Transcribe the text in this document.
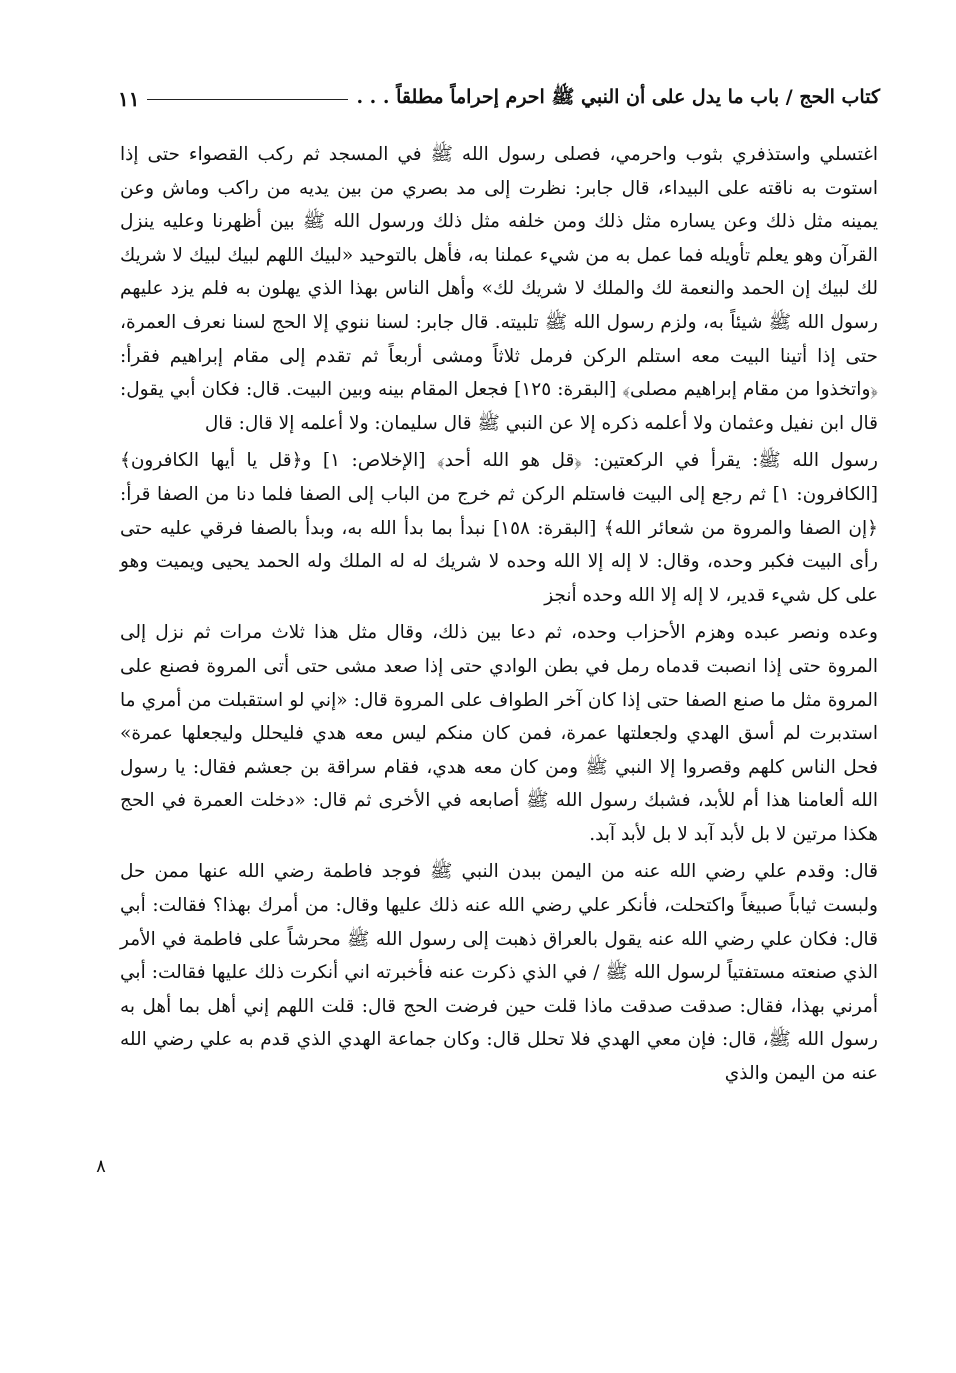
كتاب الحج / باب ما يدل على أن النبي ﷺ احرم إحراماً مطلقاً . . .
١١

اغتسلي واستذفري بثوب واحرمي، فصلى رسول الله ﷺ في المسجد ثم ركب القصواء حتى إذا استوت به ناقته على البيداء، قال جابر: نظرت إلى مد بصري من بين يديه من راكب وماش وعن يمينه مثل ذلك وعن يساره مثل ذلك ومن خلفه مثل ذلك ورسول الله ﷺ بين أظهرنا وعليه ينزل القرآن وهو يعلم تأويله فما عمل به من شيء عملنا به، فأهل بالتوحيد «لبيك اللهم لبيك لبيك لا شريك لك لبيك إن الحمد والنعمة لك والملك لا شريك لك» وأهل الناس بهذا الذي يهلون به فلم يزد عليهم رسول الله ﷺ شيئاً به، ولزم رسول الله ﷺ تلبيته. قال جابر: لسنا ننوي إلا الحج لسنا نعرف العمرة، حتى إذا أتينا البيت معه استلم الركن فرمل ثلاثاً ومشى أربعاً ثم تقدم إلى مقام إبراهيم فقرأ: ﴿واتخذوا من مقام إبراهيم مصلى﴾ [البقرة: ١٢٥] فجعل المقام بينه وبين البيت. قال: فكان أبي يقول: قال ابن نفيل وعثمان ولا أعلمه ذكره إلا عن النبي ﷺ قال سليمان: ولا أعلمه إلا قال: قال

رسول الله ﷺ: يقرأ في الركعتين: ﴿قل هو الله أحد﴾ [الإخلاص: ١] و﴿قل يا أيها الكافرون﴾ [الكافرون: ١] ثم رجع إلى البيت فاستلم الركن ثم خرج من الباب إلى الصفا فلما دنا من الصفا قرأ: ﴿إن الصفا والمروة من شعائر الله﴾ [البقرة: ١٥٨] نبدأ بما بدأ الله به، وبدأ بالصفا فرقي عليه حتى رأى البيت فكبر وحده، وقال: لا إله إلا الله وحده لا شريك له له الملك وله الحمد يحيى ويميت وهو على كل شيء قدير، لا إله إلا الله وحده أنجز

وعده ونصر عبده وهزم الأحزاب وحده، ثم دعا بين ذلك، وقال مثل هذا ثلاث مرات ثم نزل إلى المروة حتى إذا انصبت قدماه رمل في بطن الوادي حتى إذا صعد مشى حتى أتى المروة فصنع على المروة مثل ما صنع الصفا حتى إذا كان آخر الطواف على المروة قال: «إني لو استقبلت من أمري ما استدبرت لم أسق الهدي ولجعلتها عمرة، فمن كان منكم ليس معه هدي فليحلل وليجعلها عمرة» فحل الناس كلهم وقصروا إلا النبي ﷺ ومن كان معه هدي، فقام سراقة بن جعشم فقال: يا رسول الله ألعامنا هذا أم للأبد، فشبك رسول الله ﷺ أصابعه في الأخرى ثم قال: «دخلت العمرة في الحج هكذا مرتين لا بل لأبد آبد لا بل لأبد آبد.

قال: وقدم علي رضي الله عنه من اليمن ببدن النبي ﷺ فوجد فاطمة رضي الله عنها ممن حل ولبست ثياباً صبيغاً واكتحلت، فأنكر علي رضي الله عنه ذلك عليها وقال: من أمرك بهذا؟ فقالت: أبي قال: فكان علي رضي الله عنه يقول بالعراق ذهبت إلى رسول الله ﷺ محرشاً على فاطمة في الأمر الذي صنعته مستفتياً لرسول الله ﷺ / في الذي ذكرت عنه فأخبرته اني أنكرت ذلك عليها فقالت: أبي أمرني بهذا، فقال: صدقت صدقت ماذا قلت حين فرضت الحج قال: قلت اللهم إني أهل بما أهل به رسول الله ﷺ، قال: فإن معي الهدي فلا تحلل قال: وكان جماعة الهدي الذي قدم به علي رضي الله عنه من اليمن والذي

٨
